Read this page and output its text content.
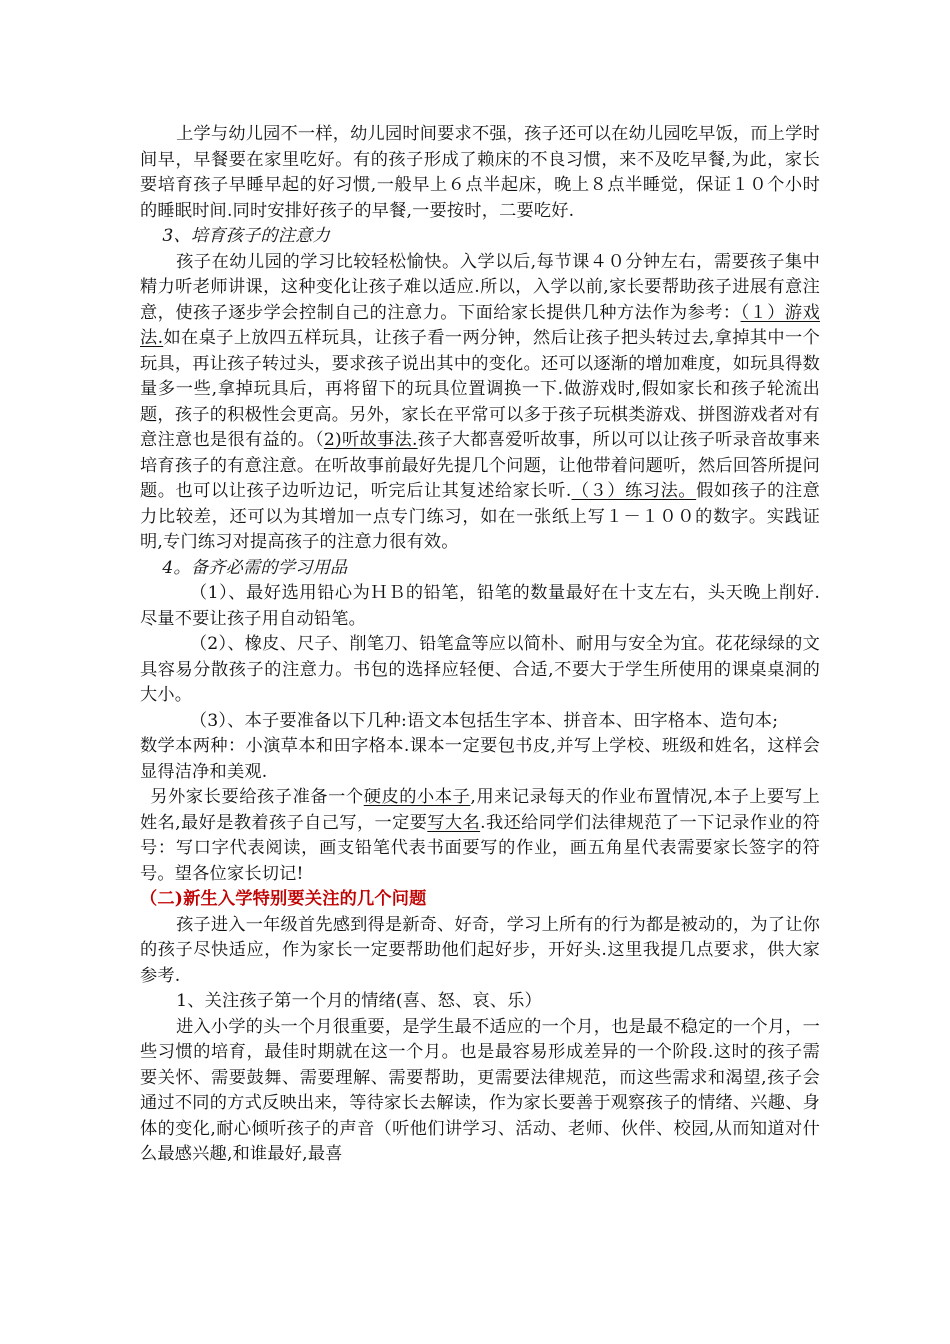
上学与幼儿园不一样，幼儿园时间要求不强，孩子还可以在幼儿园吃早饭，而上学时间早，早餐要在家里吃好。有的孩子形成了赖床的不良习惯，来不及吃早餐,为此，家长要培育孩子早睡早起的好习惯,一般早上６点半起床，晚上８点半睡觉，保证１０个小时的睡眠时间.同时安排好孩子的早餐,一要按时，二要吃好.

3、培育孩子的注意力

孩子在幼儿园的学习比较轻松愉快。入学以后,每节课４０分钟左右，需要孩子集中精力听老师讲课，这种变化让孩子难以适应.所以，入学以前,家长要帮助孩子进展有意注意，使孩子逐步学会控制自己的注意力。下面给家长提供几种方法作为参考：（１）游戏法.如在桌子上放四五样玩具，让孩子看一两分钟，然后让孩子把头转过去,拿掉其中一个玩具，再让孩子转过头，要求孩子说出其中的变化。还可以逐渐的增加难度，如玩具得数量多一些,拿掉玩具后，再将留下的玩具位置调换一下.做游戏时,假如家长和孩子轮流出题，孩子的积极性会更高。另外，家长在平常可以多于孩子玩棋类游戏、拼图游戏者对有意注意也是很有益的。（2)听故事法.孩子大都喜爱听故事，所以可以让孩子听录音故事来培育孩子的有意注意。在听故事前最好先提几个问题，让他带着问题听，然后回答所提问题。也可以让孩子边听边记，听完后让其复述给家长听.（３）练习法。假如孩子的注意力比较差，还可以为其增加一点专门练习，如在一张纸上写１－１００的数字。实践证明,专门练习对提高孩子的注意力很有效。

4。备齐必需的学习用品

（1）、最好选用铅心为ＨＢ的铅笔，铅笔的数量最好在十支左右，头天晚上削好.尽量不要让孩子用自动铅笔。

（2）、橡皮、尺子、削笔刀、铅笔盒等应以简朴、耐用与安全为宜。花花绿绿的文具容易分散孩子的注意力。书包的选择应轻便、合适,不要大于学生所使用的课桌桌洞的大小。

（3）、本子要准备以下几种:语文本包括生字本、拼音本、田字格本、造句本;

数学本两种：小演草本和田字格本.课本一定要包书皮,并写上学校、班级和姓名，这样会显得洁净和美观.

另外家长要给孩子准备一个硬皮的小本子,用来记录每天的作业布置情况,本子上要写上姓名,最好是教着孩子自己写，一定要写大名.我还给同学们法律规范了一下记录作业的符号：写口字代表阅读，画支铅笔代表书面要写的作业，画五角星代表需要家长签字的符号。望各位家长切记!

（二)新生入学特别要关注的几个问题

孩子进入一年级首先感到得是新奇、好奇，学习上所有的行为都是被动的，为了让你的孩子尽快适应，作为家长一定要帮助他们起好步，开好头.这里我提几点要求，供大家参考.

1、关注孩子第一个月的情绪(喜、怒、哀、乐）

进入小学的头一个月很重要，是学生最不适应的一个月，也是最不稳定的一个月，一些习惯的培育，最佳时期就在这一个月。也是最容易形成差异的一个阶段.这时的孩子需要关怀、需要鼓舞、需要理解、需要帮助，更需要法律规范，而这些需求和渴望,孩子会通过不同的方式反映出来，等待家长去解读，作为家长要善于观察孩子的情绪、兴趣、身体的变化,耐心倾听孩子的声音（听他们讲学习、活动、老师、伙伴、校园,从而知道对什么最感兴趣,和谁最好,最喜
